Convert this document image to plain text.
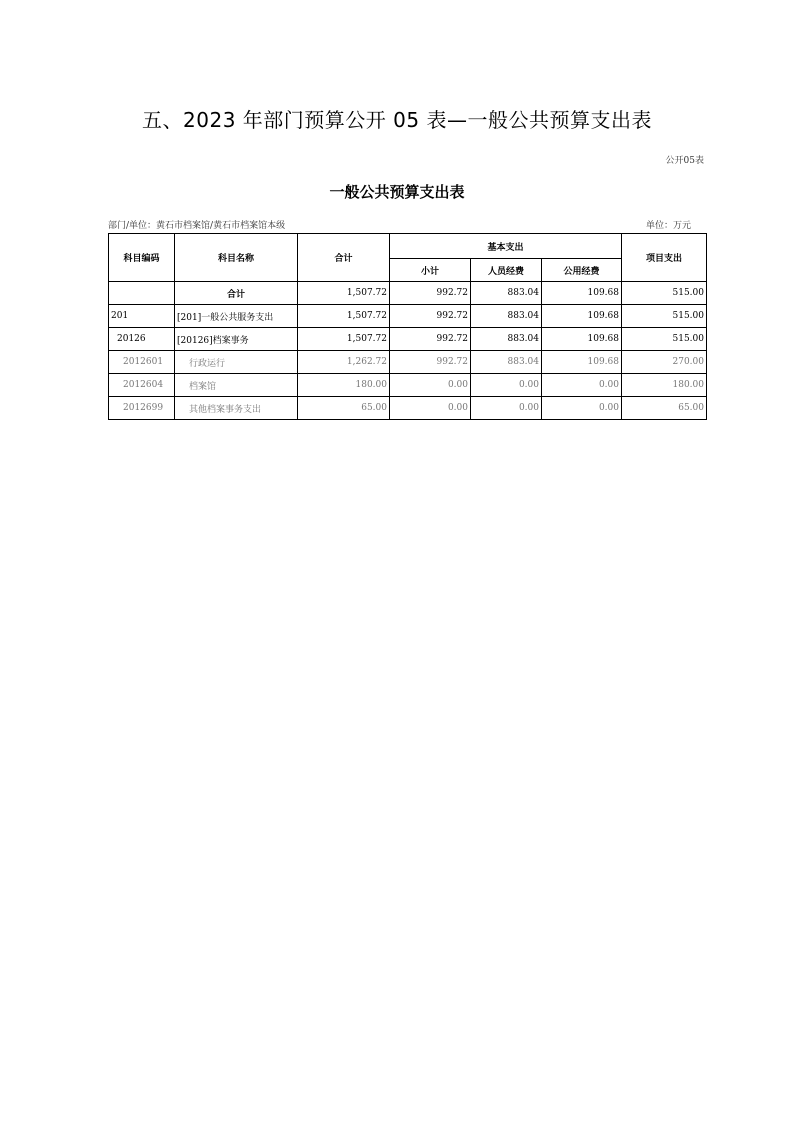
五、2023 年部门预算公开 05 表—一般公共预算支出表
公开05表
一般公共预算支出表
部门/单位：黄石市档案馆/黄石市档案馆本级	单位：万元
科目编码	科目名称	合计	基本支出			项目支出
			小计	人员经费	公用经费	
	合计	1,507.72	992.72	883.04	109.68	515.00
201	[201]一般公共服务支出	1,507.72	992.72	883.04	109.68	515.00
20126	[20126]档案事务	1,507.72	992.72	883.04	109.68	515.00
2012601	行政运行	1,262.72	992.72	883.04	109.68	270.00
2012604	档案馆	180.00	0.00	0.00	0.00	180.00
2012699	其他档案事务支出	65.00	0.00	0.00	0.00	65.00
